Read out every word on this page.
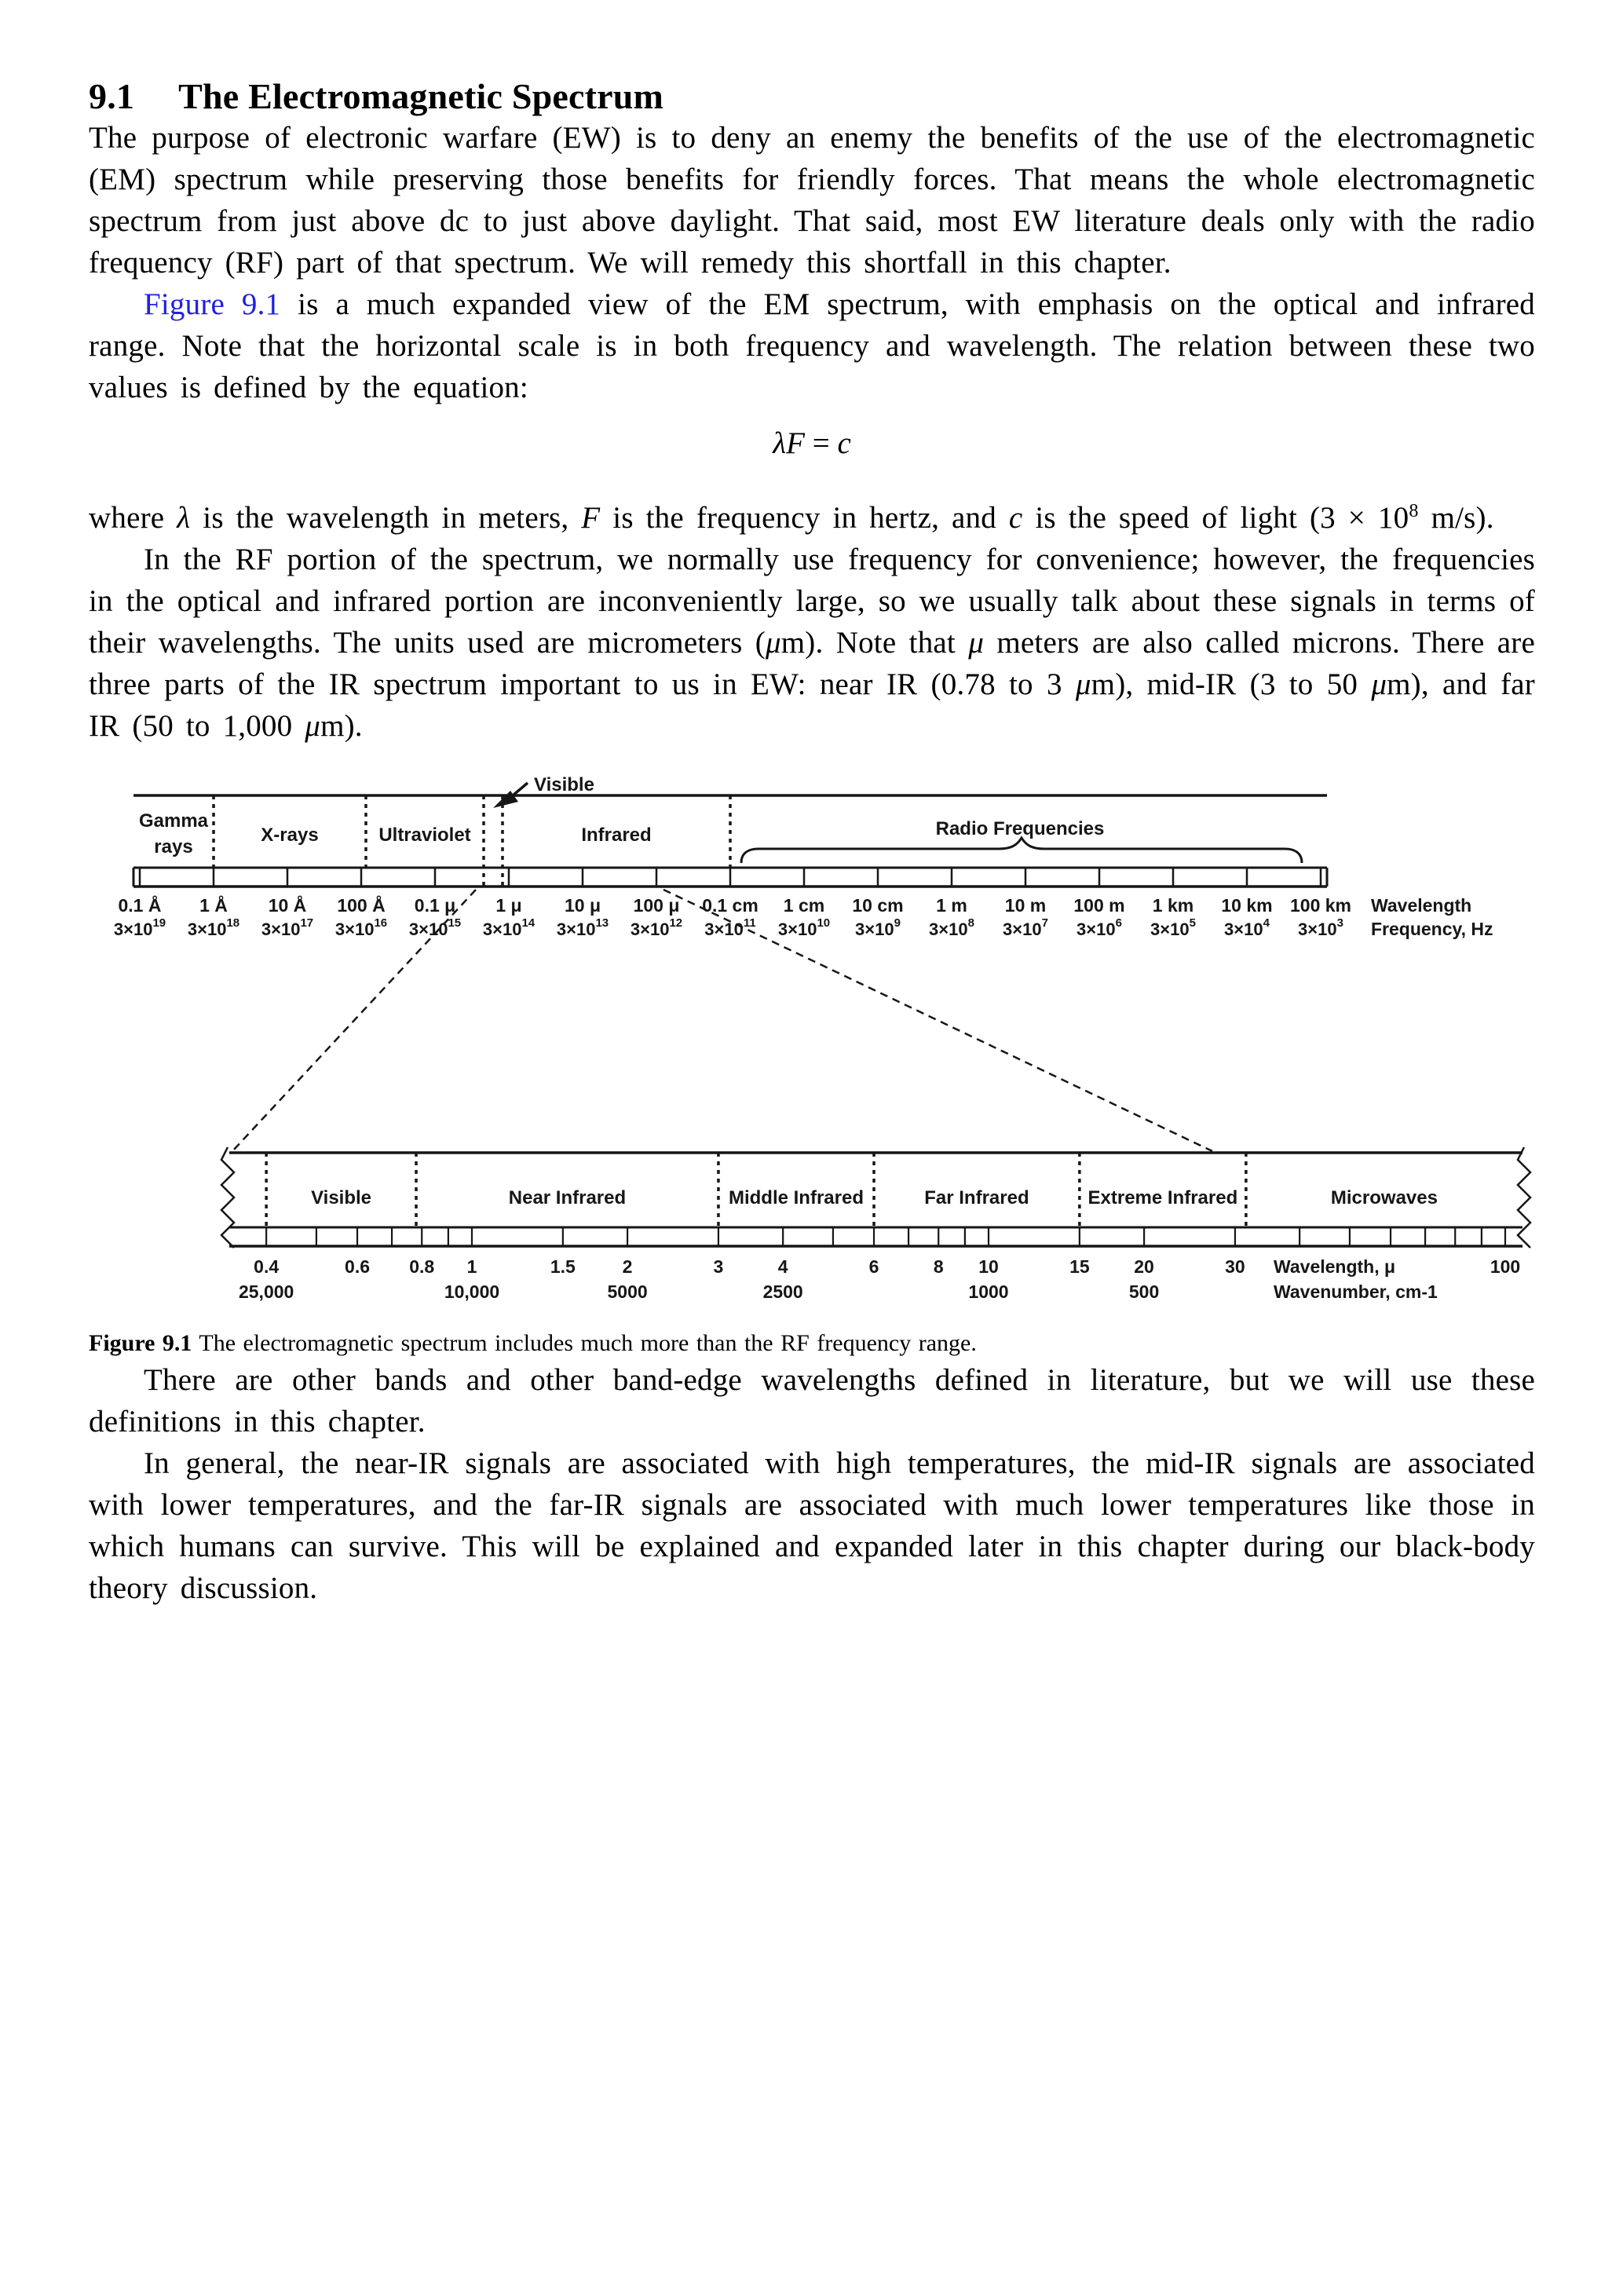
9.1 The Electromagnetic Spectrum

The purpose of electronic warfare (EW) is to deny an enemy the benefits of the use of the electromagnetic (EM) spectrum while preserving those benefits for friendly forces. That means the whole electromagnetic spectrum from just above dc to just above daylight. That said, most EW literature deals only with the radio frequency (RF) part of that spectrum. We will remedy this shortfall in this chapter.

Figure 9.1 is a much expanded view of the EM spectrum, with emphasis on the optical and infrared range. Note that the horizontal scale is in both frequency and wavelength. The relation between these two values is defined by the equation:

λF = c

where λ is the wavelength in meters, F is the frequency in hertz, and c is the speed of light ($3 \times 10^8$ m/s).

In the RF portion of the spectrum, we normally use frequency for convenience; however, the frequencies in the optical and infrared portion are inconveniently large, so we usually talk about these signals in terms of their wavelengths. The units used are micrometers (μm). Note that μ meters are also called microns. There are three parts of the IR spectrum important to us in EW: near IR (0.78 to 3 μm), mid-IR (3 to 50 μm), and far IR (50 to 1,000 μm).

0.1 Å
$3\times 10^{19}$
1 Å
$3\times 10^{18}$
10 Å
$3\times 10^{17}$
100 Å
$3\times 10^{16}$
0.1 μ
$3\times 10^{15}$
1 μ
$3\times 10^{14}$
10 μ
$3\times 10^{13}$
100 μ
$3\times 10^{12}$
0.1 cm
$3\times 10^{11}$
1 cm
$3\times 10^{10}$
10 cm
$3\times 10^9$
1 m
$3\times 10^8$
10 m
$3\times 10^7$
100 m
$3\times 10^6$
1 km
$3\times 10^5$
10 km
$3\times 10^4$
100 km
$3\times 10^3$
Gamma rays
X-rays	Ultraviolet	Infrared	Radio Frequencies
Visible
Wavelength
Frequency, Hz
Visible	Near Infrared	Middle Infrared	Far Infrared	Extreme Infrared	Microwaves
0.4	0.6 0.8 1	1.5	2	3	4	6	8 10	15 20	30	100
25,000	10,000	5000	2500	1000	500
Wavelength, μ
Wavenumber, cm-1

Figure 9.1 The electromagnetic spectrum includes much more than the RF frequency range.

There are other bands and other band-edge wavelengths defined in literature, but we will use these definitions in this chapter.

In general, the near-IR signals are associated with high temperatures, the mid-IR signals are associated with lower temperatures, and the far-IR signals are associated with much lower temperatures like those in which humans can survive. This will be explained and expanded later in this chapter during our black-body theory discussion.
